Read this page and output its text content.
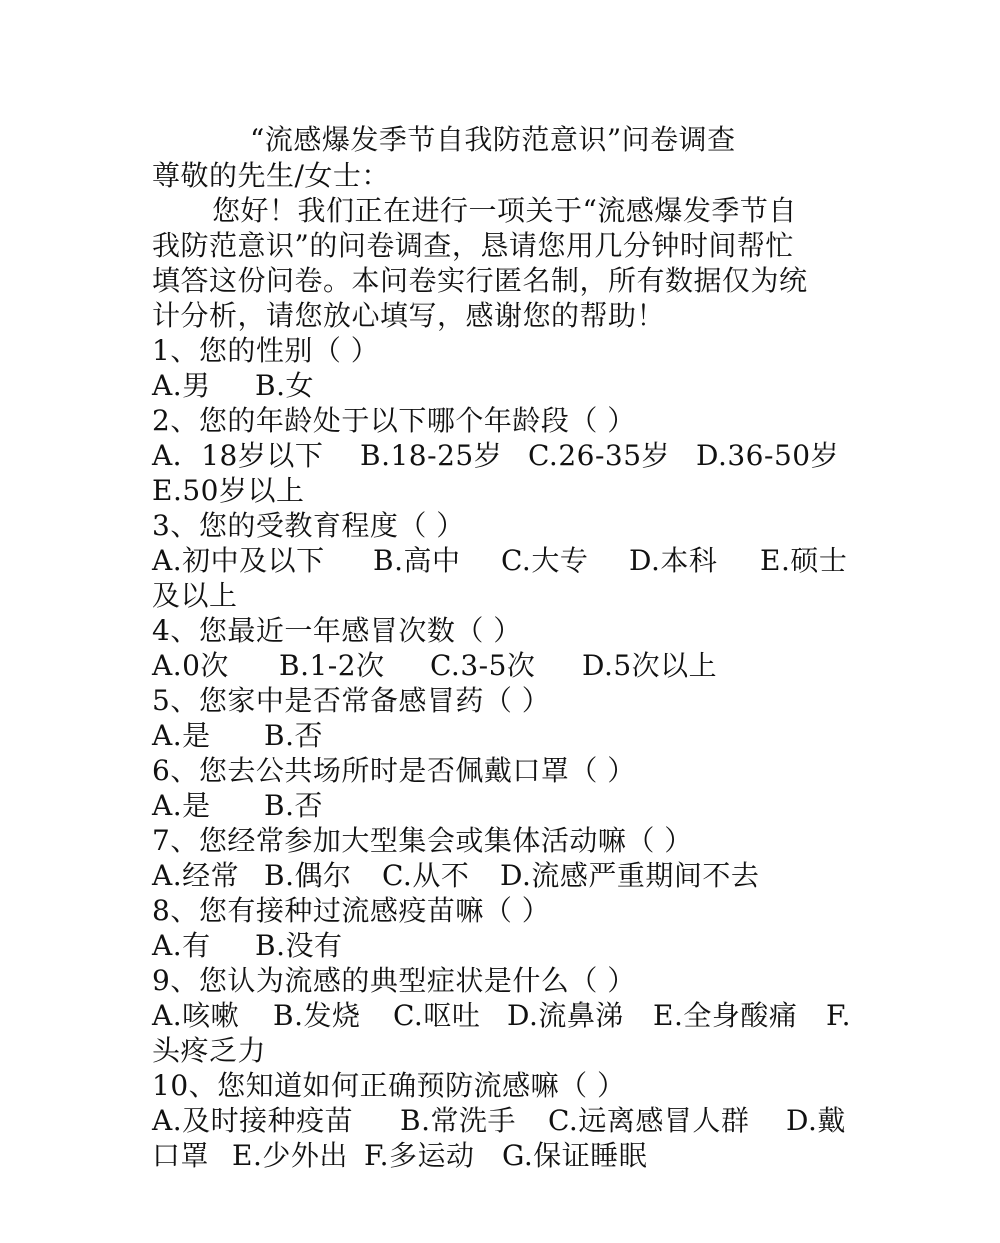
“流感爆发季节自我防范意识”问卷调查
尊敬的先生/女士：
您好！我们正在进行一项关于“流感爆发季节自
我防范意识”的问卷调查，恳请您用几分钟时间帮忙
填答这份问卷。本问卷实行匿名制，所有数据仅为统
计分析，请您放心填写，感谢您的帮助！
1、您的性别（ ）
A.男 B.女
2、您的年龄处于以下哪个年龄段（ ）
A．18岁以下 B.18-25岁 C.26-35岁 D.36-50岁
E.50岁以上
3、您的受教育程度（ ）
A.初中及以下 B.高中 C.大专 D.本科 E.硕士
及以上
4、您最近一年感冒次数（ ）
A.0次 B.1-2次 C.3-5次 D.5次以上
5、您家中是否常备感冒药（ ）
A.是 B.否
6、您去公共场所时是否佩戴口罩（ ）
A.是 B.否
7、您经常参加大型集会或集体活动嘛（ ）
A.经常 B.偶尔 C.从不 D.流感严重期间不去
8、您有接种过流感疫苗嘛（ ）
A.有 B.没有
9、您认为流感的典型症状是什么（ ）
A.咳嗽 B.发烧 C.呕吐 D.流鼻涕 E.全身酸痛 F.
头疼乏力
10、您知道如何正确预防流感嘛（ ）
A.及时接种疫苗 B.常洗手 C.远离感冒人群 D.戴
口罩 E.少外出 F.多运动 G.保证睡眠
